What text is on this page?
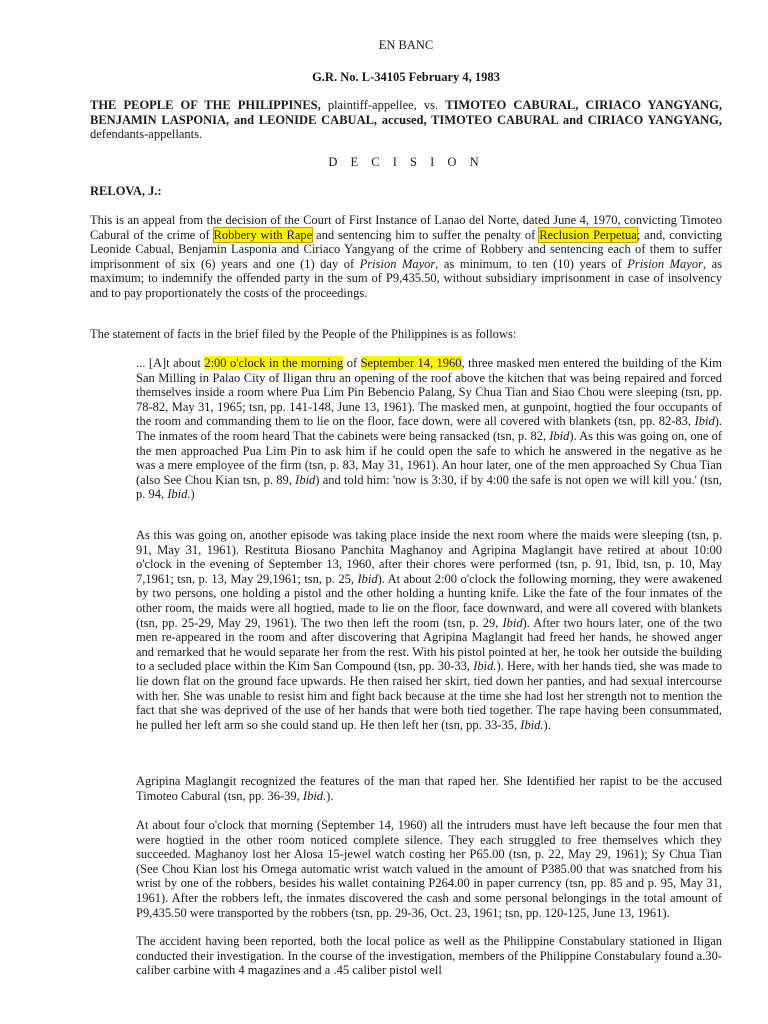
EN BANC
G.R. No. L-34105 February 4, 1983

THE PEOPLE OF THE PHILIPPINES, plaintiff-appellee, vs. TIMOTEO CABURAL, CIRIACO YANGYANG, BENJAMIN LASPONIA, and LEONIDE CABUAL, accused, TIMOTEO CABURAL and CIRIACO YANGYANG, defendants-appellants.

D E C I S I O N
RELOVA, J.:

This is an appeal from the decision of the Court of First Instance of Lanao del Norte, dated June 4, 1970, convicting Timoteo Cabural of the crime of Robbery with Rape and sentencing him to suffer the penalty of Reclusion Perpetua; and, convicting Leonide Cabual, Benjamin Lasponia and Ciriaco Yangyang of the crime of Robbery and sentencing each of them to suffer imprisonment of six (6) years and one (1) day of Prision Mayor, as minimum, to ten (10) years of Prision Mayor, as maximum; to indemnify the offended party in the sum of P9,435.50, without subsidiary imprisonment in case of insolvency and to pay proportionately the costs of the proceedings.

The statement of facts in the brief filed by the People of the Philippines is as follows:

... [A]t about 2:00 o'clock in the morning of September 14, 1960, three masked men entered the building of the Kim San Milling in Palao City of Iligan thru an opening of the roof above the kitchen that was being repaired and forced themselves inside a room where Pua Lim Pin Bebencio Palang, Sy Chua Tian and Siao Chou were sleeping (tsn, pp. 78-82, May 31, 1965; tsn, pp. 141-148, June 13, 1961). The masked men, at gunpoint, hogtied the four occupants of the room and commanding them to lie on the floor, face down, were all covered with blankets (tsn, pp. 82-83, Ibid). The inmates of the room heard That the cabinets were being ransacked (tsn, p. 82, Ibid). As this was going on, one of the men approached Pua Lim Pin to ask him if he could open the safe to which he answered in the negative as he was a mere employee of the firm (tsn, p. 83, May 31, 1961). An hour later, one of the men approached Sy Chua Tian (also See Chou Kian tsn, p. 89, Ibid) and told him: 'now is 3:30, if by 4:00 the safe is not open we will kill you.' (tsn, p. 94, Ibid.)

As this was going on, another episode was taking place inside the next room where the maids were sleeping (tsn, p. 91, May 31, 1961). Restituta Biosano Panchita Maghanoy and Agripina Maglangit have retired at about 10:00 o'clock in the evening of September 13, 1960, after their chores were performed (tsn, p. 91, Ibid, tsn, p. 10, May 7,1961; tsn, p. 13, May 29,1961; tsn, p. 25, Ibid). At about 2:00 o'clock the following morning, they were awakened by two persons, one holding a pistol and the other holding a hunting knife. Like the fate of the four inmates of the other room, the maids were all hogtied, made to lie on the floor, face downward, and were all covered with blankets (tsn, pp. 25-29, May 29, 1961). The two then left the room (tsn, p. 29, Ibid). After two hours later, one of the two men re-appeared in the room and after discovering that Agripina Maglangit had freed her hands, he showed anger and remarked that he would separate her from the rest. With his pistol pointed at her, he took her outside the building to a secluded place within the Kim San Compound (tsn, pp. 30-33, Ibid.). Here, with her hands tied, she was made to lie down flat on the ground face upwards. He then raised her skirt, tied down her panties, and had sexual intercourse with her. She was unable to resist him and fight back because at the time she had lost her strength not to mention the fact that she was deprived of the use of her hands that were both tied together. The rape having been consummated, he pulled her left arm so she could stand up. He then left her (tsn, pp. 33-35, Ibid.).

Agripina Maglangit recognized the features of the man that raped her. She Identified her rapist to be the accused Timoteo Cabural (tsn, pp. 36-39, Ibid.).

At about four o'clock that morning (September 14, 1960) all the intruders must have left because the four men that were hogtied in the other room noticed complete silence. They each struggled to free themselves which they succeeded. Maghanoy lost her Alosa 15-jewel watch costing her P65.00 (tsn, p. 22, May 29, 1961); Sy Chua Tian (See Chou Kian lost his Omega automatic wrist watch valued in the amount of P385.00 that was snatched from his wrist by one of the robbers, besides his wallet containing P264.00 in paper currency (tsn, pp. 85 and p. 95, May 31, 1961). After the robbers left, the inmates discovered the cash and some personal belongings in the total amount of P9,435.50 were transported by the robbers (tsn, pp. 29-36, Oct. 23, 1961; tsn, pp. 120-125, June 13, 1961).

The accident having been reported, both the local police as well as the Philippine Constabulary stationed in Iligan conducted their investigation. In the course of the investigation, members of the Philippine Constabulary found a.30-caliber carbine with 4 magazines and a .45 caliber pistol well
